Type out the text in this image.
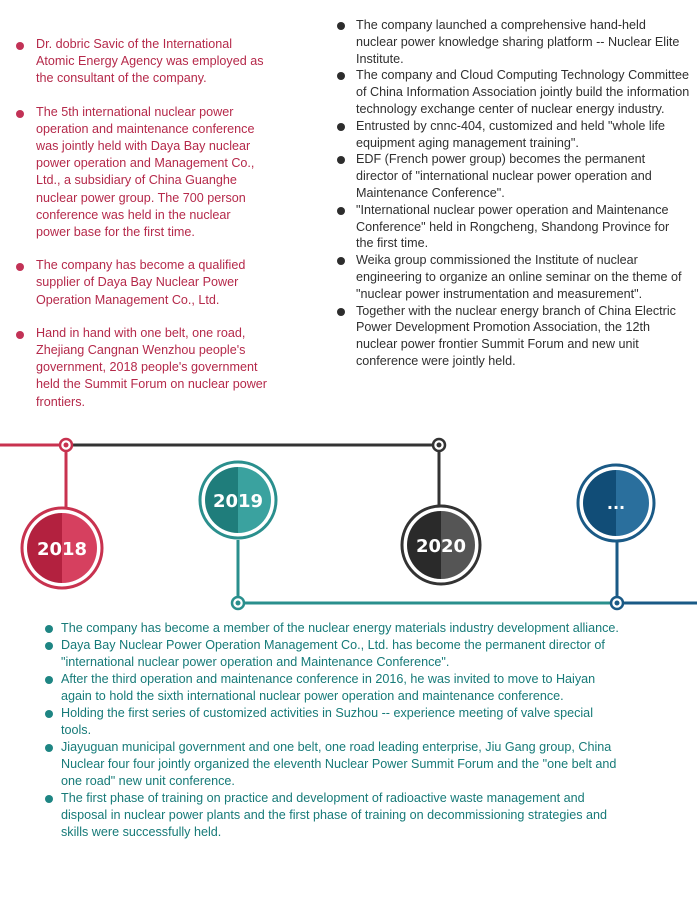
Dr. dobric Savic of the International Atomic Energy Agency was employed as the consultant of the company.
The 5th international nuclear power operation and maintenance conference was jointly held with Daya Bay nuclear power operation and Management Co., Ltd., a subsidiary of China Guanghe nuclear power group. The 700 person conference was held in the nuclear power base for the first time.
The company has become a qualified supplier of Daya Bay Nuclear Power Operation Management Co., Ltd.
Hand in hand with one belt, one road, Zhejiang Cangnan Wenzhou people's government, 2018 people's government held the Summit Forum on nuclear power frontiers.
The company launched a comprehensive hand-held nuclear power knowledge sharing platform -- Nuclear Elite Institute.
The company and Cloud Computing Technology Committee of China Information Association jointly build the information technology exchange center of nuclear energy industry.
Entrusted by cnnc-404, customized and held "whole life equipment aging management training".
EDF (French power group) becomes the permanent director of "international nuclear power operation and Maintenance Conference".
"International nuclear power operation and Maintenance Conference" held in Rongcheng, Shandong Province for the first time.
Weika group commissioned the Institute of nuclear engineering to organize an online seminar on the theme of "nuclear power instrumentation and measurement".
Together with the nuclear energy branch of China Electric Power Development Promotion Association, the 12th nuclear power frontier Summit Forum and new unit conference were jointly held.
2018
2019
2020
...
The company has become a member of the nuclear energy materials industry development alliance.
Daya Bay Nuclear Power Operation Management Co., Ltd. has become the permanent director of "international nuclear power operation and Maintenance Conference".
After the third operation and maintenance conference in 2016, he was invited to move to Haiyan again to hold the sixth international nuclear power operation and maintenance conference.
Holding the first series of customized activities in Suzhou -- experience meeting of valve special tools.
Jiayuguan municipal government and one belt, one road leading enterprise, Jiu Gang group, China Nuclear four four jointly organized the eleventh Nuclear Power Summit Forum and the "one belt and one road" new unit conference.
The first phase of training on practice and development of radioactive waste management and disposal in nuclear power plants and the first phase of training on decommissioning strategies and skills were successfully held.
